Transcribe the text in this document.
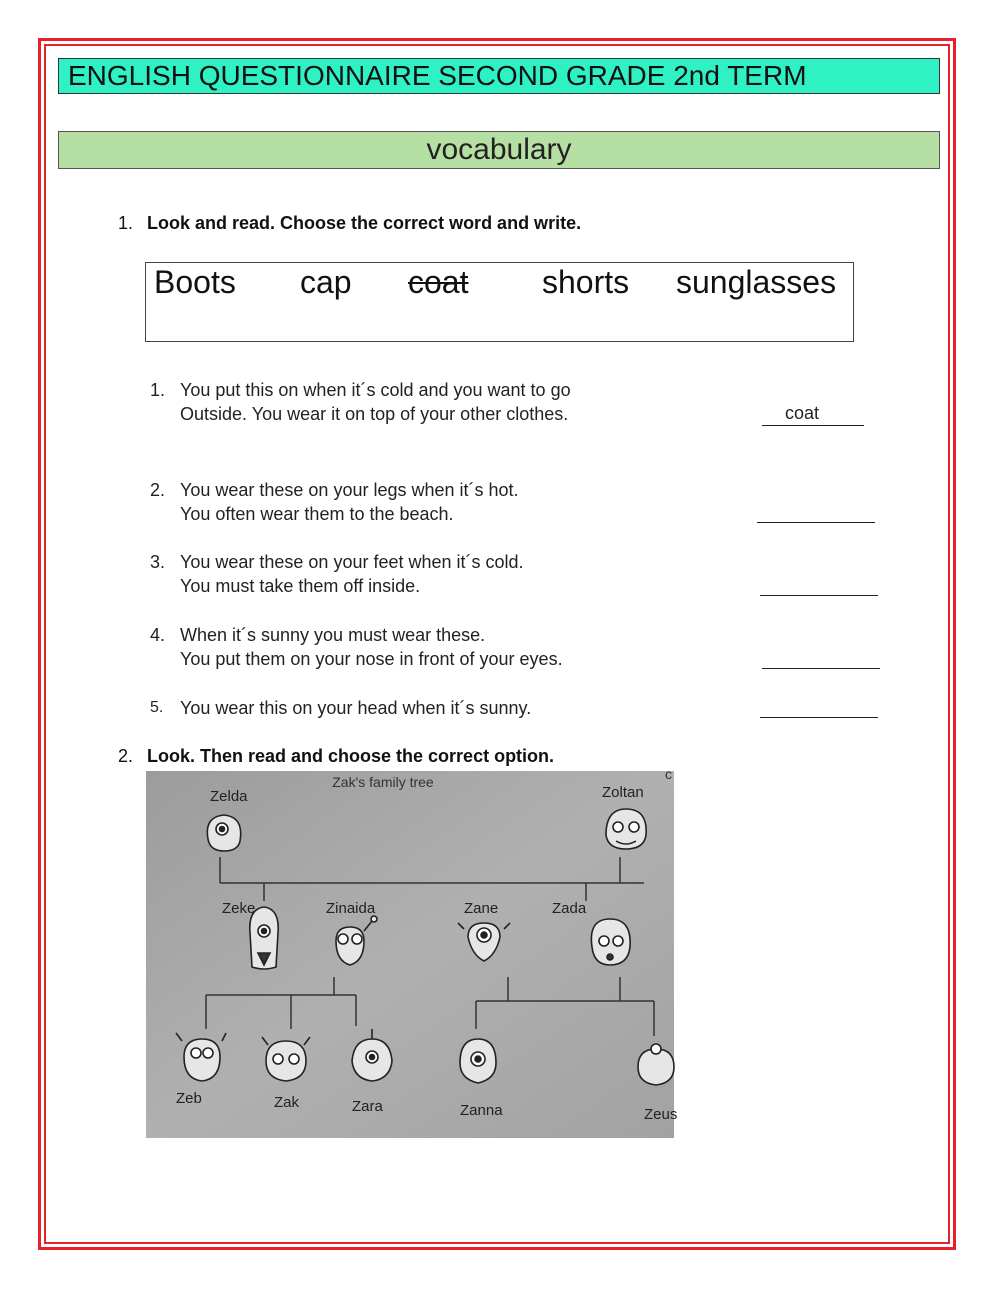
ENGLISH QUESTIONNAIRE SECOND GRADE 2nd TERM
vocabulary
1. Look and read. Choose the correct word and write.
Boots cap coat shorts sunglasses
1. You put this on when it´s cold and you want to go
Outside. You wear it on top of your other clothes.	coat
2. You wear these on your legs when it´s hot.
You often wear them to the beach.
3. You wear these on your feet when it´s cold.
You must take them off inside.
4. When it´s sunny you must wear these.
You put them on your nose in front of your eyes.
5. You wear this on your head when it´s sunny.
2. Look. Then read and choose the correct option.
Zak's family tree	c
Zelda	Zoltan
Zeke	Zinaida	Zane	Zada
Zeb	Zak	Zara	Zanna	Zeus
